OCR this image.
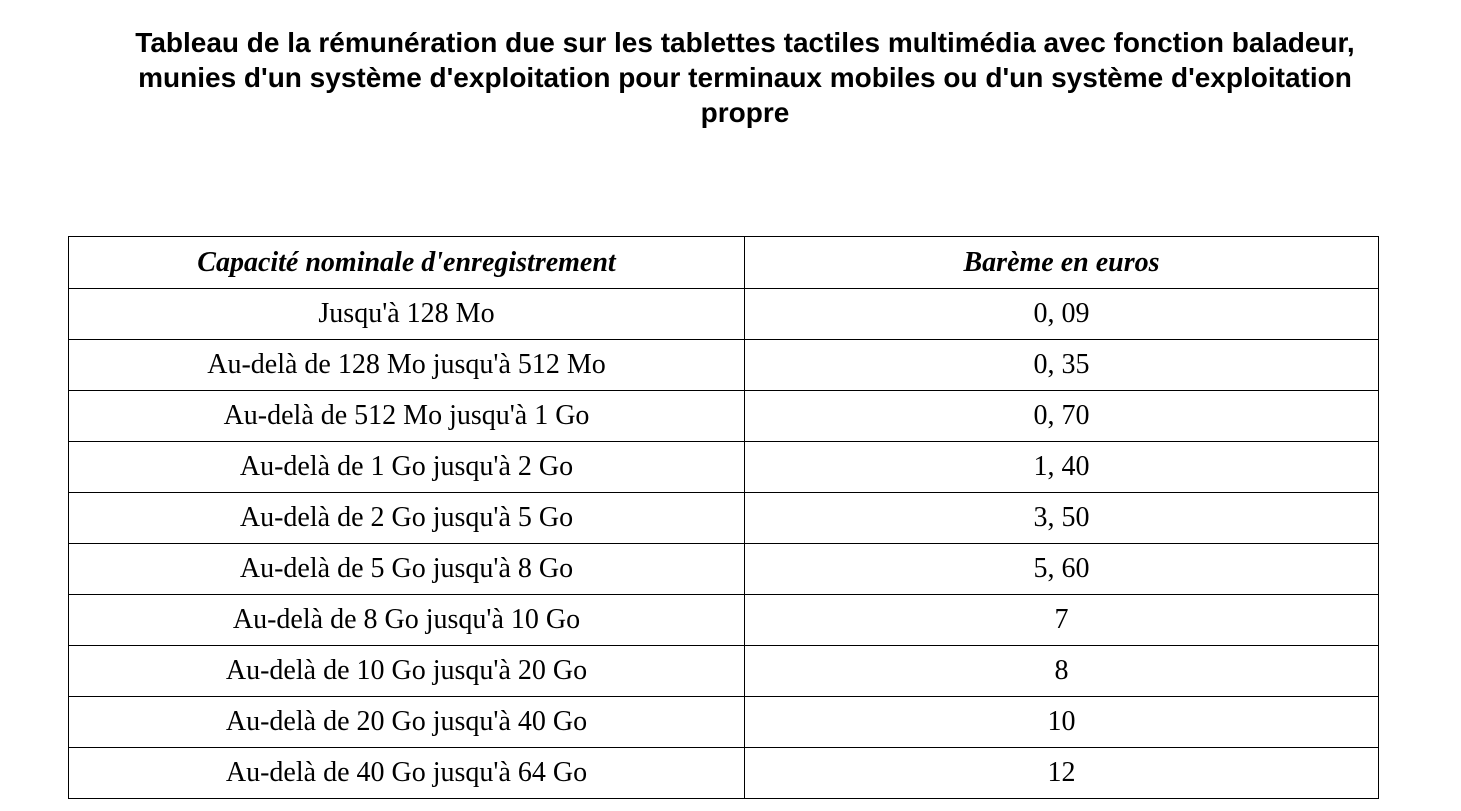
Tableau de la rémunération due sur les tablettes tactiles multimédia avec fonction baladeur,
munies d'un système d'exploitation pour terminaux mobiles ou d'un système d'exploitation
propre
Capacité nominale d'enregistrement	Barème en euros
Jusqu'à 128 Mo	0, 09
Au-delà de 128 Mo jusqu'à 512 Mo	0, 35
Au-delà de 512 Mo jusqu'à 1 Go	0, 70
Au-delà de 1 Go jusqu'à 2 Go	1, 40
Au-delà de 2 Go jusqu'à 5 Go	3, 50
Au-delà de 5 Go jusqu'à 8 Go	5, 60
Au-delà de 8 Go jusqu'à 10 Go	7
Au-delà de 10 Go jusqu'à 20 Go	8
Au-delà de 20 Go jusqu'à 40 Go	10
Au-delà de 40 Go jusqu'à 64 Go	12
